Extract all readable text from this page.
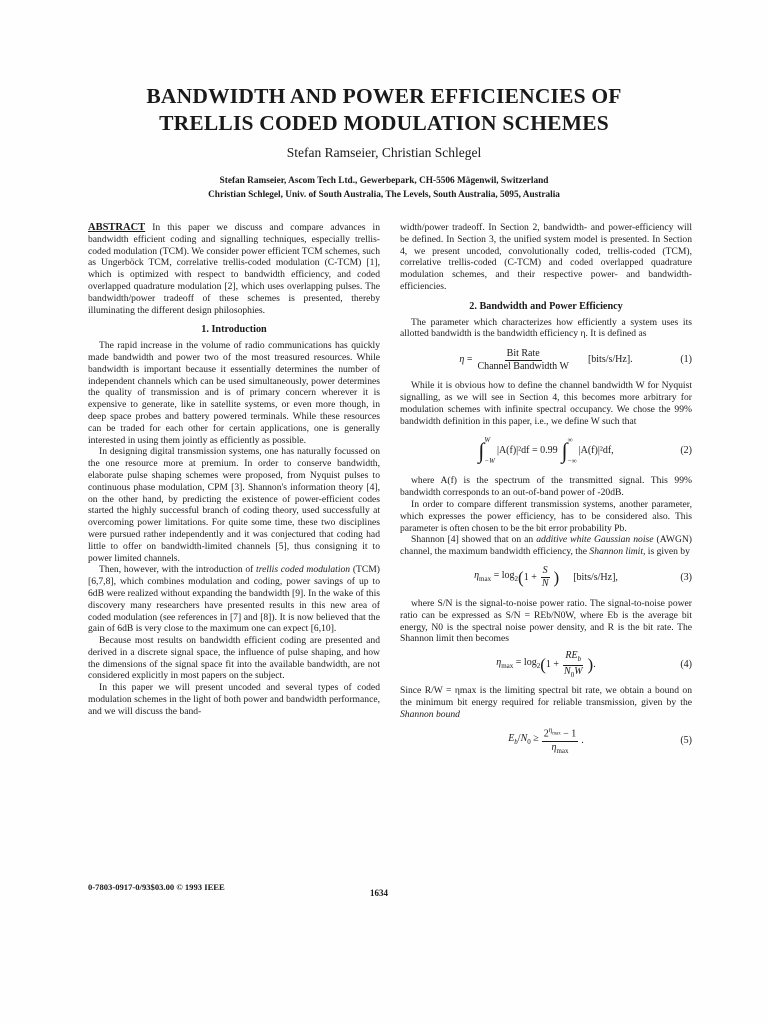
BANDWIDTH AND POWER EFFICIENCIES OF
TRELLIS CODED MODULATION SCHEMES
Stefan Ramseier, Christian Schlegel
Stefan Ramseier, Ascom Tech Ltd., Gewerbepark, CH-5506 Mägenwil, Switzerland
Christian Schlegel, Univ. of South Australia, The Levels, South Australia, 5095, Australia

ABSTRACT In this paper we discuss and compare advances in bandwidth efficient coding and signalling techniques, especially trellis-coded modulation (TCM). We consider power efficient TCM schemes, such as Ungerböck TCM, correlative trellis-coded modulation (C-TCM) [1], which is optimized with respect to bandwidth efficiency, and coded overlapped quadrature modulation [2], which uses overlapping pulses. The bandwidth/power tradeoff of these schemes is presented, thereby illuminating the different design philosophies.

1. Introduction

The rapid increase in the volume of radio communications has quickly made bandwidth and power two of the most treasured resources. While bandwidth is important because it essentially determines the number of independent channels which can be used simultaneously, power determines the quality of transmission and is of primary concern wherever it is expensive to generate, like in satellite systems, or even more though, in deep space probes and battery powered terminals. While these resources can be traded for each other for certain applications, one is generally interested in using them jointly as efficiently as possible.

In designing digital transmission systems, one has naturally focussed on the one resource more at premium. In order to conserve bandwidth, elaborate pulse shaping schemes were proposed, from Nyquist pulses to continuous phase modulation, CPM [3]. Shannon's information theory [4], on the other hand, by predicting the existence of power-efficient codes started the highly successful branch of coding theory, used successfully at overcoming power limitations. For quite some time, these two disciplines were pursued rather independently and it was conjectured that coding had little to offer on bandwidth-limited channels [5], thus consigning it to power limited channels.

Then, however, with the introduction of trellis coded modulation (TCM) [6,7,8], which combines modulation and coding, power savings of up to 6dB were realized without expanding the bandwidth [9]. In the wake of this discovery many researchers have presented results in this new area of coded modulation (see references in [7] and [8]). It is now believed that the gain of 6dB is very close to the maximum one can expect [6,10].

Because most results on bandwidth efficient coding are presented and derived in a discrete signal space, the influence of pulse shaping, and how the dimensions of the signal space fit into the available bandwidth, are not considered explicitly in most papers on the subject.

In this paper we will present uncoded and several types of coded modulation schemes in the light of both power and bandwidth performance, and we will discuss the band-

width/power tradeoff. In Section 2, bandwidth- and power-efficiency will be defined. In Section 3, the unified system model is presented. In Section 4, we present uncoded, convolutionally coded, trellis-coded (TCM), correlative trellis-coded (C-TCM) and coded overlapped quadrature modulation schemes, and their respective power- and bandwidth-efficiencies.

2. Bandwidth and Power Efficiency

The parameter which characterizes how efficiently a system uses its allotted bandwidth is the bandwidth efficiency η. It is defined as

$\eta = \frac{\text{Bit Rate}}{\text{Channel Bandwidth W}}$ [bits/s/Hz].	(1)

While it is obvious how to define the channel bandwidth W for Nyquist signalling, as we will see in Section 4, this becomes more arbitrary for modulation schemes with infinite spectral occupancy. We chose the 99% bandwidth definition in this paper, i.e., we define W such that

∫ W
−W
|A(f)|²df = 0.99 ∫ ∞
−∞
|A(f)|²df,	(2)

where A(f) is the spectrum of the transmitted signal. This 99% bandwidth corresponds to an out-of-band power of -20dB.

In order to compare different transmission systems, another parameter, which expresses the power efficiency, has to be considered also. This parameter is often chosen to be the bit error probability Pb.

Shannon [4] showed that on an additive white Gaussian noise (AWGN) channel, the maximum bandwidth efficiency, the Shannon limit, is given by

$\eta_{max} = \log_2$ ( $1 + \frac{S}{N}$ ) [bits/s/Hz],	(3)

where S/N is the signal-to-noise power ratio. The signal-to-noise power ratio can be expressed as S/N = REb/N0W, where Eb is the average bit energy, N0 is the spectral noise power density, and R is the bit rate. The Shannon limit then becomes

$\eta_{max} = \log_2$ ( $1 + \frac{RE_b}{N_0W}$ ) .	(4)

Since R/W = ηmax is the limiting spectral bit rate, we obtain a bound on the minimum bit energy required for reliable transmission, given by the Shannon bound

$E_b/N_0 \ge \frac{2^{\eta_{max}} - 1}{\eta_{max}}$ .	(5)
0-7803-0917-0/93$03.00 © 1993 IEEE
1634
